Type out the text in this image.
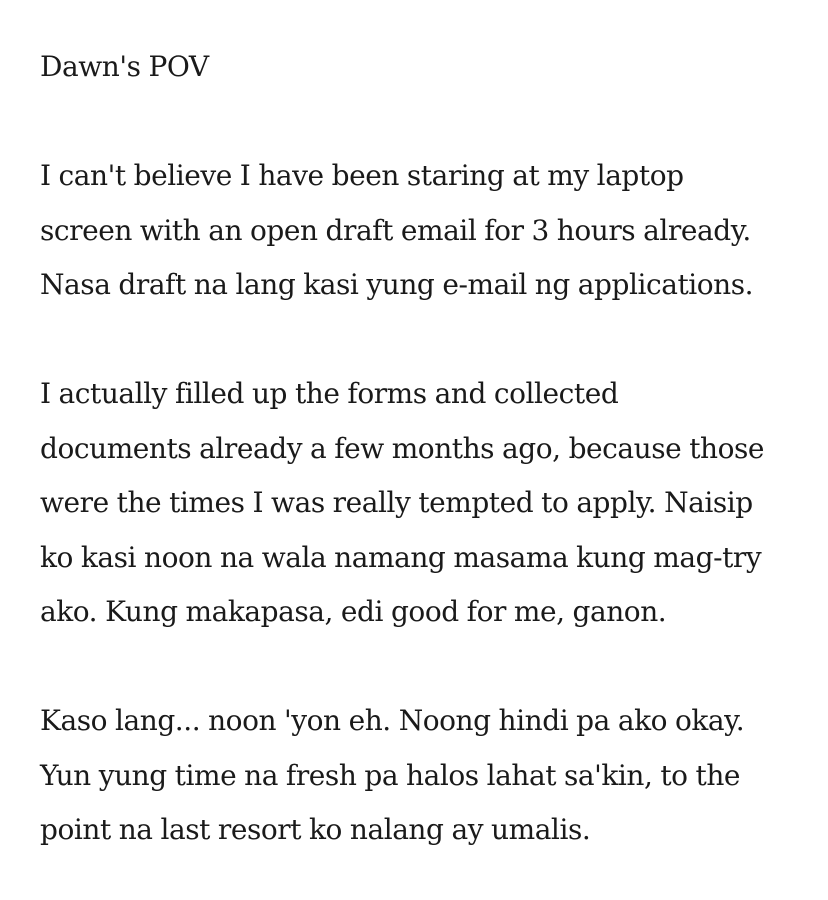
Dawn's POV

I can't believe I have been staring at my laptop
screen with an open draft email for 3 hours already.
Nasa draft na lang kasi yung e-mail ng applications.

I actually filled up the forms and collected
documents already a few months ago, because those
were the times I was really tempted to apply. Naisip
ko kasi noon na wala namang masama kung mag-try
ako. Kung makapasa, edi good for me, ganon.

Kaso lang... noon 'yon eh. Noong hindi pa ako okay.
Yun yung time na fresh pa halos lahat sa'kin, to the
point na last resort ko nalang ay umalis.
